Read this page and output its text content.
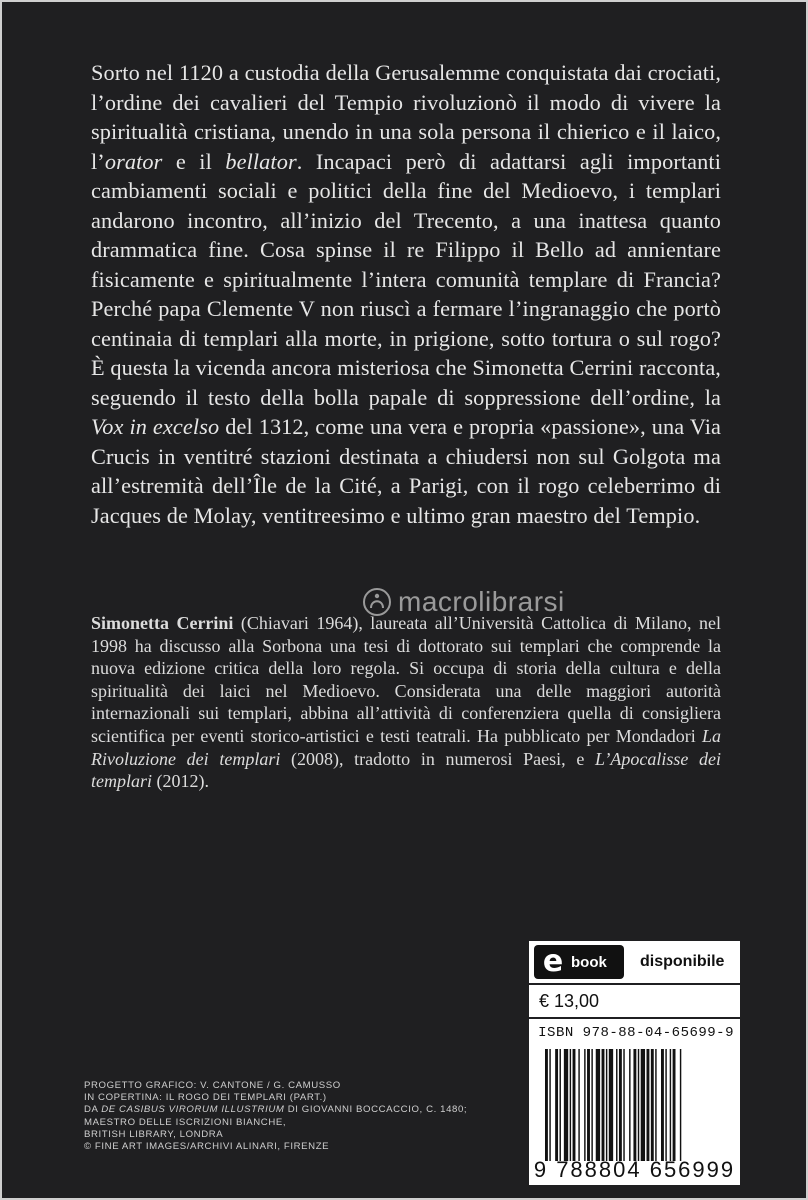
Sorto nel 1120 a custodia della Gerusalemme conquistata dai crociati, l’ordine dei cavalieri del Tempio rivoluzionò il modo di vivere la spiritualità cristiana, unendo in una sola persona il chierico e il laico, l’orator e il bellator. Incapaci però di adattarsi agli importanti cambiamenti sociali e politici della fine del Medioevo, i templari andarono incontro, all’inizio del Trecento, a una inattesa quanto drammatica fine. Cosa spinse il re Filippo il Bello ad annientare fisicamente e spiritualmente l’intera comunità templare di Francia? Perché papa Clemente V non riuscì a fermare l’ingranaggio che portò centinaia di templari alla morte, in prigione, sotto tortura o sul rogo? È questa la vicenda ancora misteriosa che Simonetta Cerrini racconta, seguendo il testo della bolla papale di soppressione dell’ordine, la Vox in excelso del 1312, come una vera e propria «passione», una Via Crucis in ventitré stazioni destinata a chiudersi non sul Golgota ma all’estremità dell’Île de la Cité, a Parigi, con il rogo celeberrimo di Jacques de Molay, ventitreesimo e ultimo gran maestro del Tempio.

macrolibrarsi

Simonetta Cerrini (Chiavari 1964), laureata all’Università Cattolica di Milano, nel 1998 ha discusso alla Sorbona una tesi di dottorato sui templari che comprende la nuova edizione critica della loro regola. Si occupa di storia della cultura e della spiritualità dei laici nel Medioevo. Considerata una delle maggiori autorità internazionali sui templari, abbina all’attività di conferenziera quella di consigliera scientifica per eventi storico-artistici e testi teatrali. Ha pubblicato per Mondadori La Rivoluzione dei templari (2008), tradotto in numerosi Paesi, e L’Apocalisse dei templari (2012).

e book disponibile
€ 13,00
ISBN 978-88-04-65699-9
9 788804 656999
PROGETTO GRAFICO: V. CANTONE / G. CAMUSSO
IN COPERTINA: IL ROGO DEI TEMPLARI (PART.)
DA DE CASIBUS VIRORUM ILLUSTRIUM DI GIOVANNI BOCCACCIO, C. 1480;
MAESTRO DELLE ISCRIZIONI BIANCHE,
BRITISH LIBRARY, LONDRA
© FINE ART IMAGES/ARCHIVI ALINARI, FIRENZE
